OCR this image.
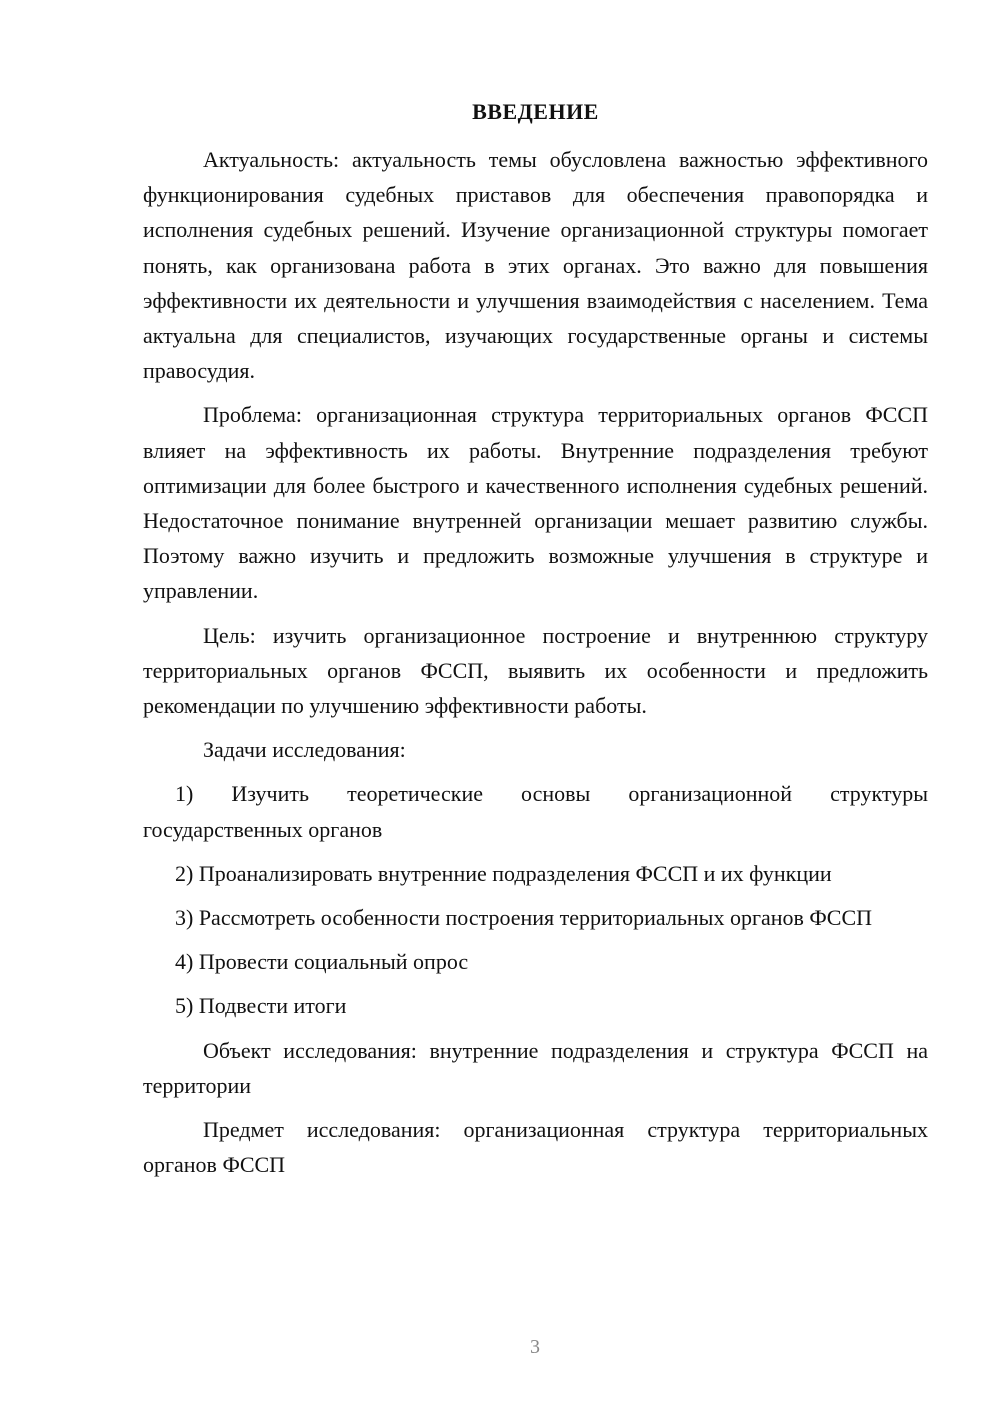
ВВЕДЕНИЕ

Актуальность: актуальность темы обусловлена важностью эффективного функционирования судебных приставов для обеспечения правопорядка и исполнения судебных решений. Изучение организационной структуры помогает понять, как организована работа в этих органах. Это важно для повышения эффективности их деятельности и улучшения взаимодействия с населением. Тема актуальна для специалистов, изучающих государственные органы и системы правосудия.

Проблема: организационная структура территориальных органов ФССП влияет на эффективность их работы. Внутренние подразделения требуют оптимизации для более быстрого и качественного исполнения судебных решений. Недостаточное понимание внутренней организации мешает развитию службы. Поэтому важно изучить и предложить возможные улучшения в структуре и управлении.

Цель: изучить организационное построение и внутреннюю структуру территориальных органов ФССП, выявить их особенности и предложить рекомендации по улучшению эффективности работы.

Задачи исследования:

1) Изучить теоретические основы организационной структуры государственных органов

2) Проанализировать внутренние подразделения ФССП и их функции

3) Рассмотреть особенности построения территориальных органов ФССП

4) Провести социальный опрос

5) Подвести итоги

Объект исследования: внутренние подразделения и структура ФССП на территории

Предмет исследования: организационная структура территориальных органов ФССП

3
